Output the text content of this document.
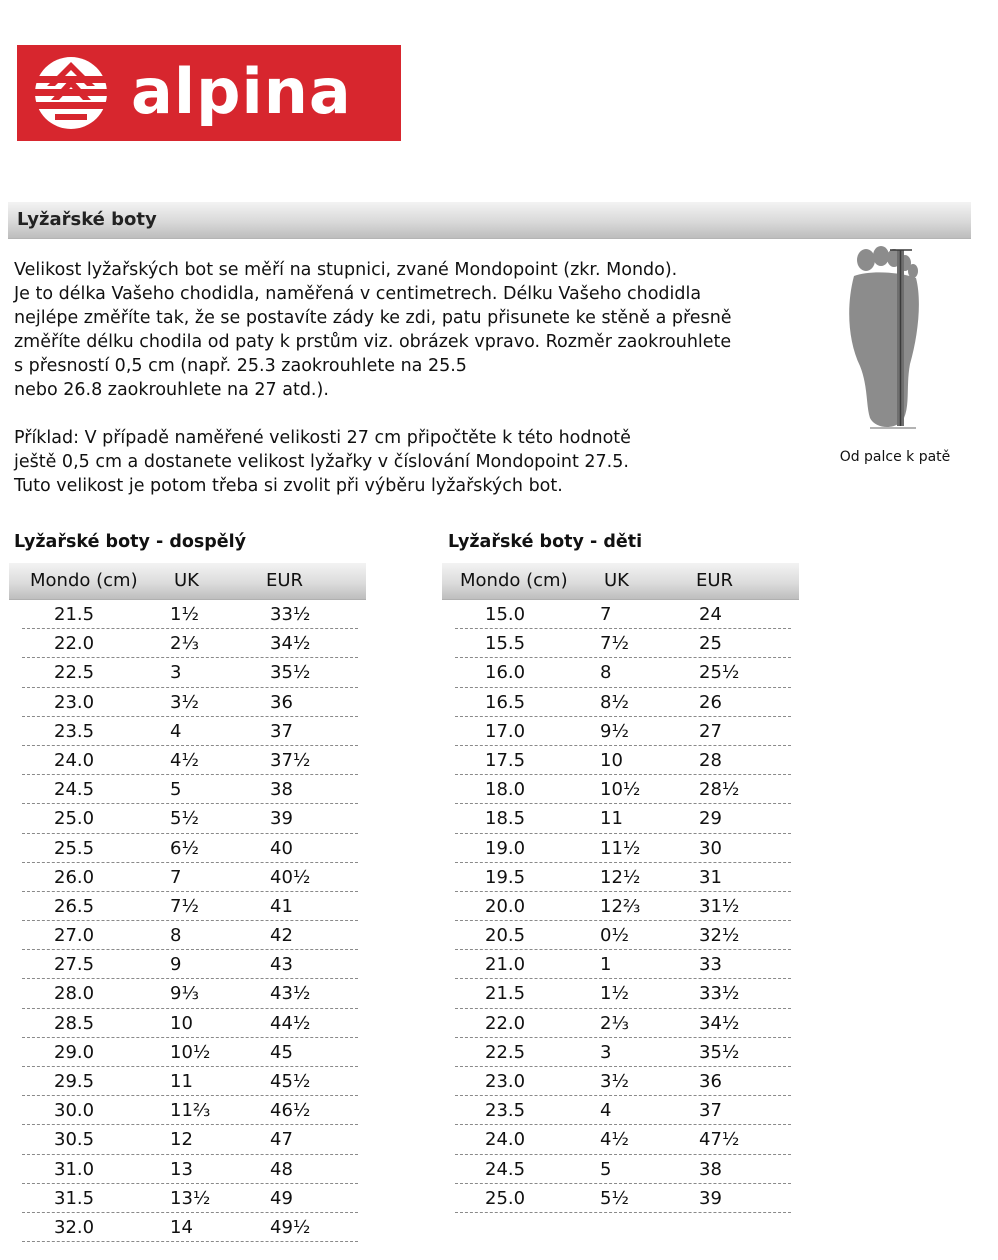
alpina
Lyžařské boty
Velikost lyžařských bot se měří na stupnici, zvané Mondopoint (zkr. Mondo).
Je to délka Vašeho chodidla, naměřená v centimetrech. Délku Vašeho chodidla
nejlépe změříte tak, že se postavíte zády ke zdi, patu přisunete ke stěně a přesně
změříte délku chodila od paty k prstům viz. obrázek vpravo. Rozměr zaokrouhlete
s přesností 0,5 cm (např. 25.3 zaokrouhlete na 25.5
nebo 26.8 zaokrouhlete na 27 atd.).
Příklad: V případě naměřené velikosti 27 cm připočtěte k této hodnotě
ještě 0,5 cm a dostanete velikost lyžařky v číslování Mondopoint 27.5.
Tuto velikost je potom třeba si zvolit při výběru lyžařských bot.
Od palce k patě
Lyžařské boty - dospělý
Mondo (cm) UK	EUR
21.5	1½	33½
22.0	2⅓	34½
22.5	3	35½
23.0	3½	36
23.5	4	37
24.0	4½	37½
24.5	5	38
25.0	5½	39
25.5	6½	40
26.0	7	40½
26.5	7½	41
27.0	8	42
27.5	9	43
28.0	9⅓	43½
28.5	10	44½
29.0	10½	45
29.5	11	45½
30.0	11⅔	46½
30.5	12	47
31.0	13	48
31.5	13½	49
32.0	14	49½
Lyžařské boty - děti
Mondo (cm) UK	EUR
15.0	7	24
15.5	7½	25
16.0	8	25½
16.5	8½	26
17.0	9½	27
17.5	10	28
18.0	10½	28½
18.5	11	29
19.0	11½	30
19.5	12½	31
20.0	12⅔	31½
20.5	0½	32½
21.0	1	33
21.5	1½	33½
22.0	2⅓	34½
22.5	3	35½
23.0	3½	36
23.5	4	37
24.0	4½	47½
24.5	5	38
25.0	5½	39
